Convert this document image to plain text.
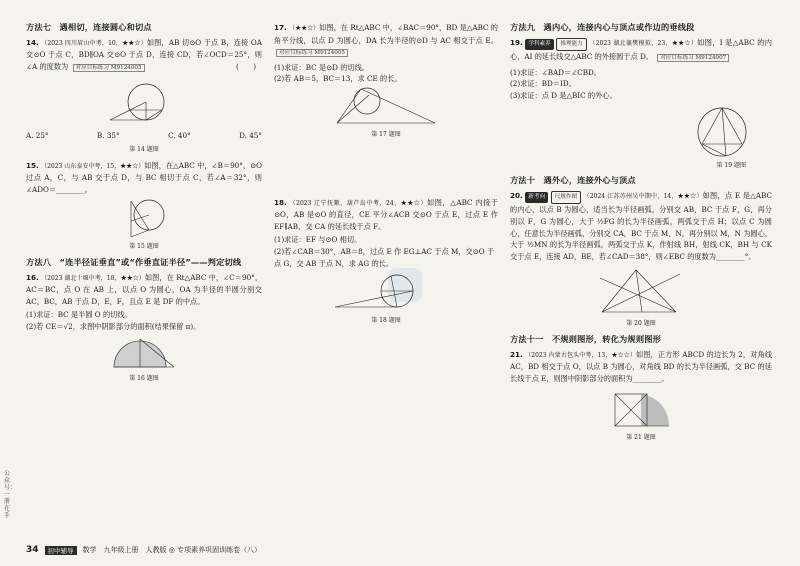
方法七　遇相切，连接圆心和切点

14. （2023 四川眉山中考，10，★★☆）如图，AB 切⊙O 于点 B，连接 OA 交⊙O 于点 C，BD∥OA 交⊙O 于点 D，连接 CD，若∠OCD＝25°，则∠A 的度数为 对应目标练习 M9124005	(　　)

A. 25°	B. 35°	C. 40°	D. 45°
第 14 题图

15. （2023 山东泰安中考，15，★★☆）如图，在△ABC 中，∠B＝90°，⊙O 过点 A，C，与 AB 交于点 D，与 BC 相切于点 C，若∠A＝32°，则∠ADO＝________。

第 15 题图
方法八　“连半径证垂直”或“作垂直证半径”——判定切线

16. （2023 湖北十堰中考，18，★★☆）如图，在 Rt△ABC 中，∠C＝90°，AC＝BC，点 O 在 AB 上，以点 O 为圆心，OA 为半径的半圆分别交 AC，BC，AB 于点 D，E，F，且点 E 是 DF 的中点。

(1)求证：BC 是半圆 O 的切线。

(2)若 CE＝√2，求图中阴影部分的面积(结果保留 π)。

第 16 题图

17. （★★☆）如图，在 Rt△ABC 中，∠BAC＝90°，BD 是△ABC 的角平分线，以点 D 为圆心，DA 长为半径的⊙D 与 AC 相交于点 E。 对应目标练习 M9124005

(1)求证：BC 是⊙D 的切线。

(2)若 AB＝5，BC＝13，求 CE 的长。

第 17 题图

18. （2023 辽宁抚顺、葫芦岛中考，24，★★☆）如图，△ABC 内接于⊙O，AB 是⊙O 的直径，CE 平分∠ACB 交⊙O 于点 E，过点 E 作 EF∥AB，交 CA 的延长线于点 F。

(1)求证：EF 与⊙O 相切。

(2)若∠CAB＝30°，AB＝8，过点 E 作 EG⊥AC 于点 M，交⊙O 于点 G，交 AB 于点 N，求 AG 的长。

第 18 题图
方法九　遇内心，连接内心与顶点或作边的垂线段

19. 学科素养 推理能力 （2023 湖北襄樊模拟，23，★★☆）如图，I 是△ABC 的内心，AI 的延长线交△ABC 的外接圆于点 D。 对应目标练习 M9124007

(1)求证：∠BAD＝∠CBD。

(2)求证：BD＝ID。

(3)求证：点 D 是△BIC 的外心。

第 19 题图
方法十　遇外心，连接外心与顶点

20. 新考向 尺规作图 （2024 江苏苏州吴中期中，14，★★☆）如图，点 E 是△ABC 的内心，以点 B 为圆心，适当长为半径画弧，分别交 AB，BC 于点 F，G，再分别以 F，G 为圆心，大于 ½FG 的长为半径画弧，两弧交于点 H；以点 C 为圆心，任意长为半径画弧，分别交 CA，BC 于点 M，N，再分别以 M，N 为圆心，大于 ½MN 的长为半径画弧，两弧交于点 K，作射线 BH，射线 CK，BH 与 CK 交于点 E，连接 AD，BE，若∠CAD＝38°，则∠EBC 的度数为________°。

第 20 题图
方法十一　不规则图形，转化为规则图形

21. （2023 内蒙古包头中考，13，★☆☆）如图，正方形 ABCD 的边长为 2，对角线 AC，BD 相交于点 O，以点 B 为圆心，对角线 BD 的长为半径画弧，交 BC 的延长线于点 E，则图中阴影部分的面积为________。

第 21 题图
公众号：一册在手
34	初中辅导	数学　九年级上册　人教版 ◎ 专项素养巩固训练卷（八）
